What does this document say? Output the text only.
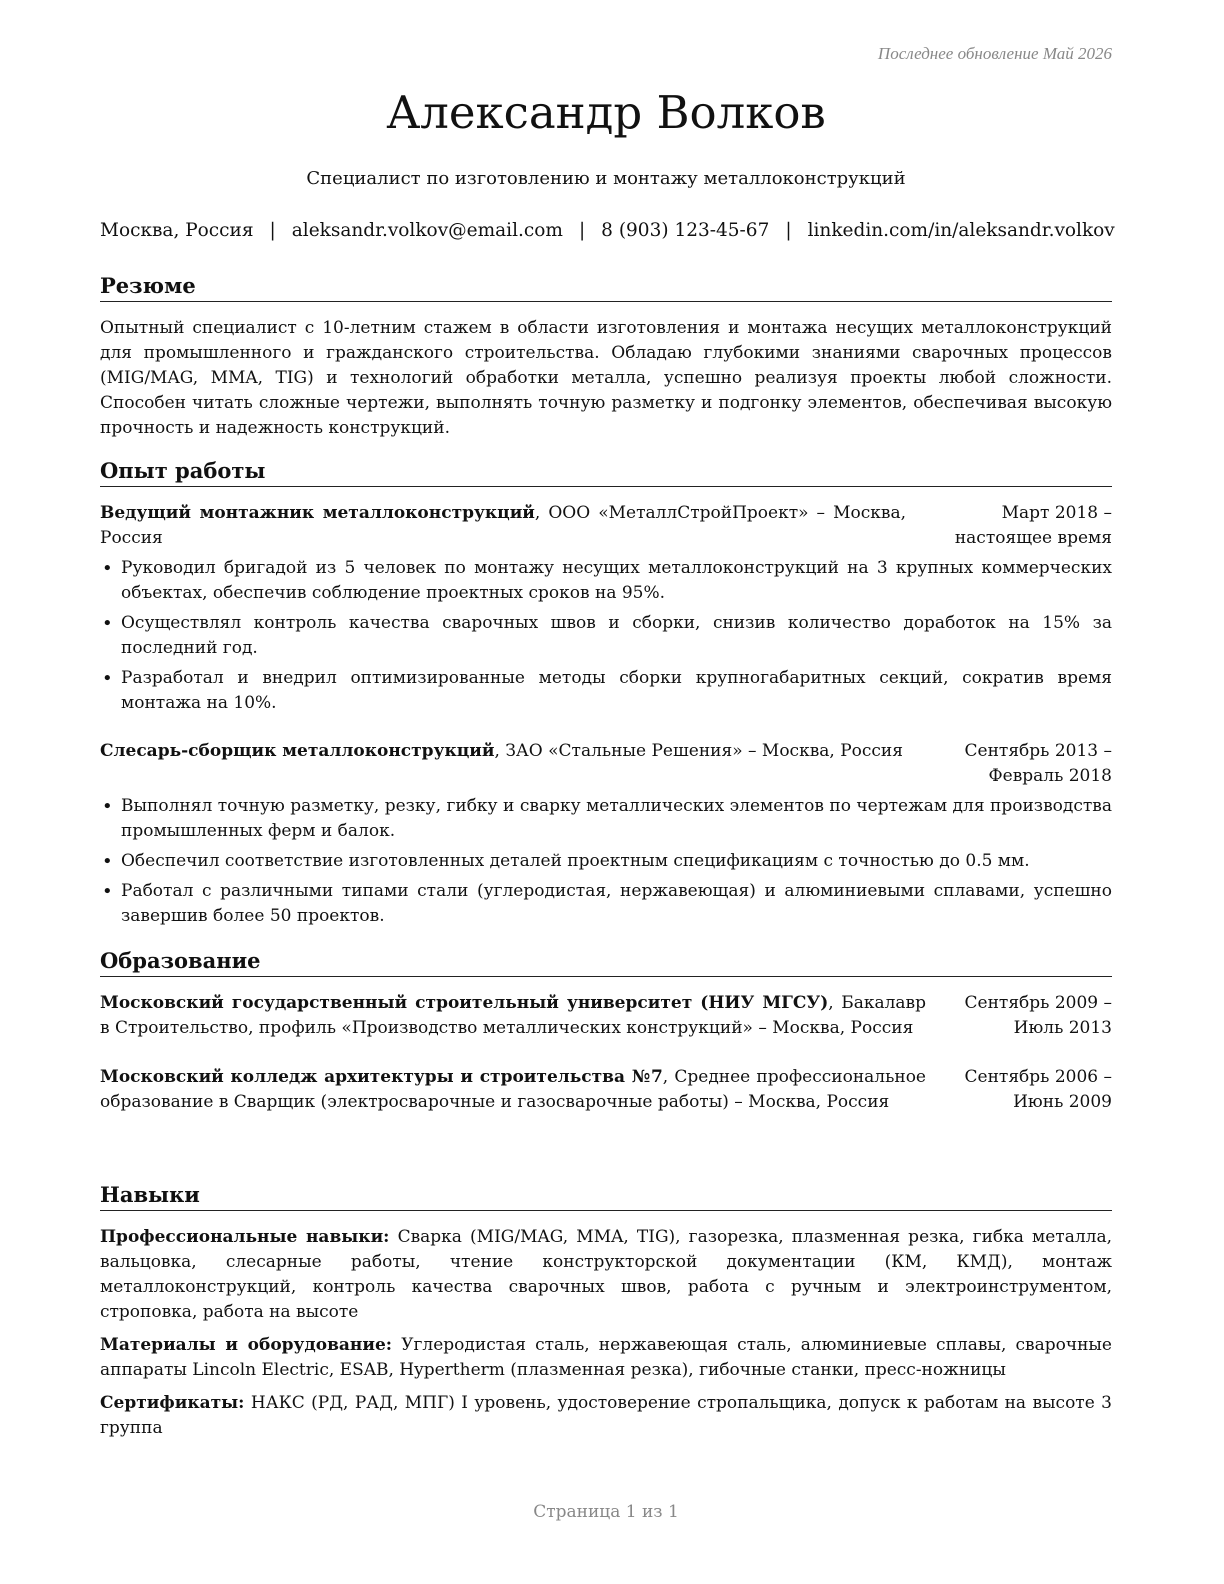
Последнее обновление Май 2026
Александр Волков
Специалист по изготовлению и монтажу металлоконструкций
Москва, Россия | aleksandr.volkov@email.com | 8 (903) 123-45-67 | linkedin.com/in/aleksandr.volkov
Резюме

Опытный специалист с 10-летним стажем в области изготовления и монтажа несущих металлоконструкций для промышленного и гражданского строительства. Обладаю глубокими знаниями сварочных процессов (MIG/MAG, MMA, TIG) и технологий обработки металла, успешно реализуя проекты любой сложности. Способен читать сложные чертежи, выполнять точную разметку и подгонку элементов, обеспечивая высокую прочность и надежность конструкций.

Опыт работы
Ведущий монтажник металлоконструкций, ООО «МеталлСтройПроект» – Москва, Россия
Март 2018 – настоящее время
• Руководил бригадой из 5 человек по монтажу несущих металлоконструкций на 3 крупных коммерческих объектах, обеспечив соблюдение проектных сроков на 95%.
• Осуществлял контроль качества сварочных швов и сборки, снизив количество доработок на 15% за последний год.
• Разработал и внедрил оптимизированные методы сборки крупногабаритных секций, сократив время монтажа на 10%.
Слесарь-сборщик металлоконструкций, ЗАО «Стальные Решения» – Москва, Россия	Сентябрь 2013 – Февраль 2018
• Выполнял точную разметку, резку, гибку и сварку металлических элементов по чертежам для производства промышленных ферм и балок.
• Обеспечил соответствие изготовленных деталей проектным спецификациям с точностью до 0.5 мм.
• Работал с различными типами стали (углеродистая, нержавеющая) и алюминиевыми сплавами, успешно завершив более 50 проектов.
Образование
Московский государственный строительный университет (НИУ МГСУ), Бакалавр в Строительство, профиль «Производство металлических конструкций» – Москва, Россия
Сентябрь 2009 – Июль 2013
Московский колледж архитектуры и строительства №7, Среднее профессиональное образование в Сварщик (электросварочные и газосварочные работы) – Москва, Россия
Сентябрь 2006 – Июнь 2009
Навыки

Профессиональные навыки: Сварка (MIG/MAG, MMA, TIG), газорезка, плазменная резка, гибка металла, вальцовка, слесарные работы, чтение конструкторской документации (КМ, КМД), монтаж металлоконструкций, контроль качества сварочных швов, работа с ручным и электроинструментом, строповка, работа на высоте

Материалы и оборудование: Углеродистая сталь, нержавеющая сталь, алюминиевые сплавы, сварочные аппараты Lincoln Electric, ESAB, Hypertherm (плазменная резка), гибочные станки, пресс-ножницы

Сертификаты: НАКС (РД, РАД, МПГ) I уровень, удостоверение стропальщика, допуск к работам на высоте 3 группа

Страница 1 из 1
